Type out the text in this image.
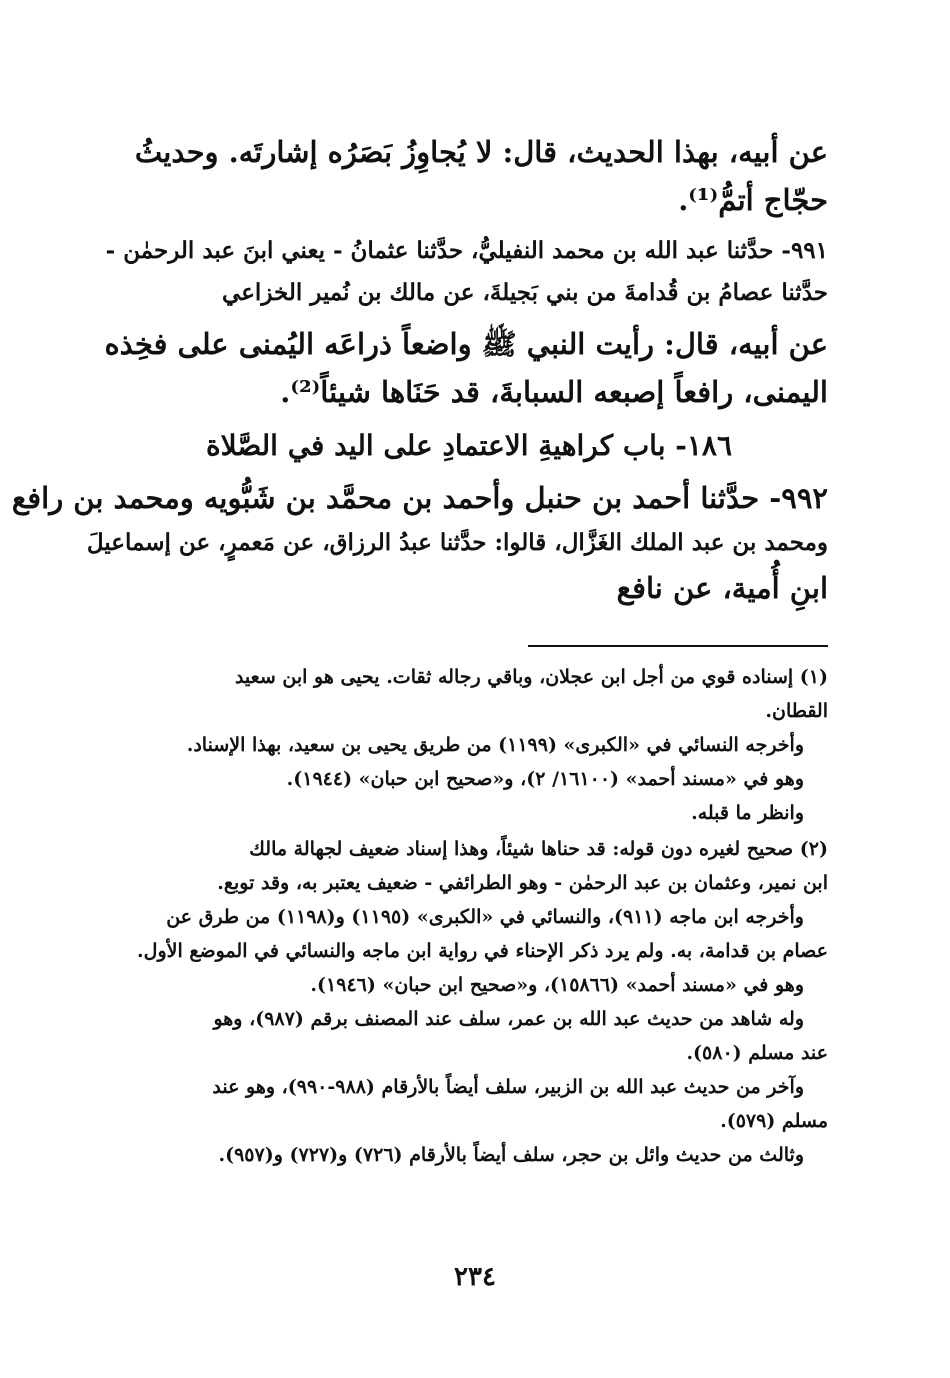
عن أبيه، بهذا الحديث، قال: لا يُجاوِزُ بَصَرُه إشارتَه. وحديثُ
حجّاج أتمُّ⁽¹⁾.
٩٩١- حدَّثنا عبد الله بن محمد النفيليُّ، حدَّثنا عثمانُ - يعني ابنَ عبد الرحمٰن -
حدَّثنا عصامُ بن قُدامةَ من بني بَجيلةَ، عن مالك بن نُمير الخزاعي
عن أبيه، قال: رأيت النبي ﷺ واضعاً ذراعَه اليُمنى على فخِذه
اليمنى، رافعاً إصبعه السبابةَ، قد حَنَاها شيئاً⁽²⁾.
١٨٦- باب كراهيةِ الاعتمادِ على اليد في الصَّلاة
٩٩٢- حدَّثنا أحمد بن حنبل وأحمد بن محمَّد بن شَبُّويه ومحمد بن رافع
ومحمد بن عبد الملك الغَزَّال، قالوا: حدَّثنا عبدُ الرزاق، عن مَعمرٍ، عن إسماعيلَ
ابنِ أُمية، عن نافع
(١) إسناده قوي من أجل ابن عجلان، وباقي رجاله ثقات. يحيى هو ابن سعيد
القطان.
وأخرجه النسائي في «الكبرى» (١١٩٩) من طريق يحيى بن سعيد، بهذا الإسناد.
وهو في «مسند أحمد» (١٦١٠٠/ ٢)، و«صحيح ابن حبان» (١٩٤٤).
وانظر ما قبله.
(٢) صحيح لغيره دون قوله: قد حناها شيئاً، وهذا إسناد ضعيف لجهالة مالك
ابن نمير، وعثمان بن عبد الرحمٰن - وهو الطرائفي - ضعيف يعتبر به، وقد توبع.
وأخرجه ابن ماجه (٩١١)، والنسائي في «الكبرى» (١١٩٥) و(١١٩٨) من طرق عن
عصام بن قدامة، به. ولم يرد ذكر الإحناء في رواية ابن ماجه والنسائي في الموضع الأول.
وهو في «مسند أحمد» (١٥٨٦٦)، و«صحيح ابن حبان» (١٩٤٦).
وله شاهد من حديث عبد الله بن عمر، سلف عند المصنف برقم (٩٨٧)، وهو
عند مسلم (٥٨٠).
وآخر من حديث عبد الله بن الزبير، سلف أيضاً بالأرقام (٩٨٨-٩٩٠)، وهو عند
مسلم (٥٧٩).
وثالث من حديث وائل بن حجر، سلف أيضاً بالأرقام (٧٢٦) و(٧٢٧) و(٩٥٧).
٢٣٤
